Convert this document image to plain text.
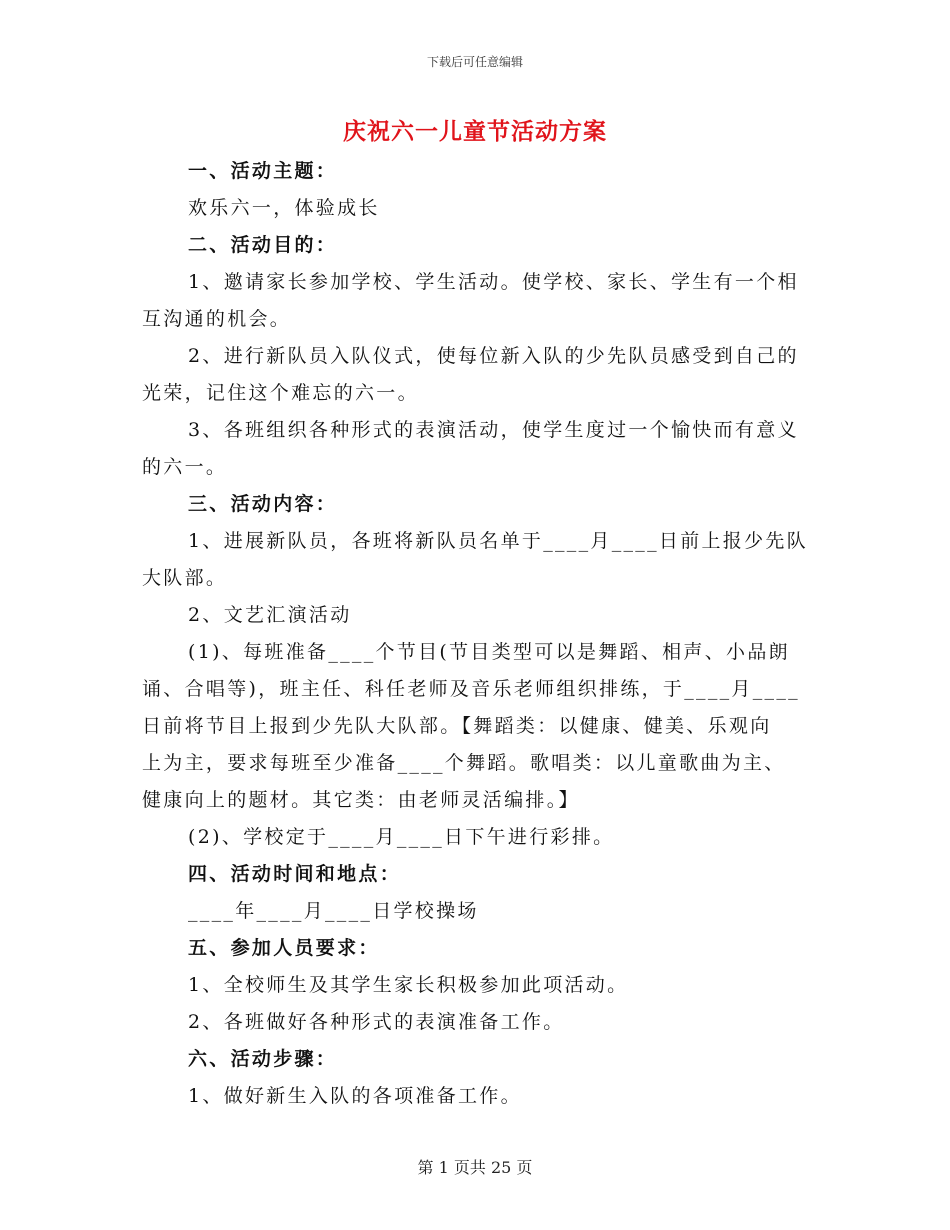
下载后可任意编辑
庆祝六一儿童节活动方案
一、活动主题：
欢乐六一，体验成长
二、活动目的：
1、邀请家长参加学校、学生活动。使学校、家长、学生有一个相
互沟通的机会。
2、进行新队员入队仪式，使每位新入队的少先队员感受到自己的
光荣，记住这个难忘的六一。
3、各班组织各种形式的表演活动，使学生度过一个愉快而有意义
的六一。
三、活动内容：
1、进展新队员，各班将新队员名单于____月____日前上报少先队
大队部。
2、文艺汇演活动
(1)、每班准备____个节目(节目类型可以是舞蹈、相声、小品朗
诵、合唱等)，班主任、科任老师及音乐老师组织排练，于____月____
日前将节目上报到少先队大队部。【舞蹈类：以健康、健美、乐观向
上为主，要求每班至少准备____个舞蹈。歌唱类：以儿童歌曲为主、
健康向上的题材。其它类：由老师灵活编排。】
(2)、学校定于____月____日下午进行彩排。
四、活动时间和地点：
____年____月____日学校操场
五、参加人员要求：
1、全校师生及其学生家长积极参加此项活动。
2、各班做好各种形式的表演准备工作。
六、活动步骤：
1、做好新生入队的各项准备工作。
第 1 页共 25 页
